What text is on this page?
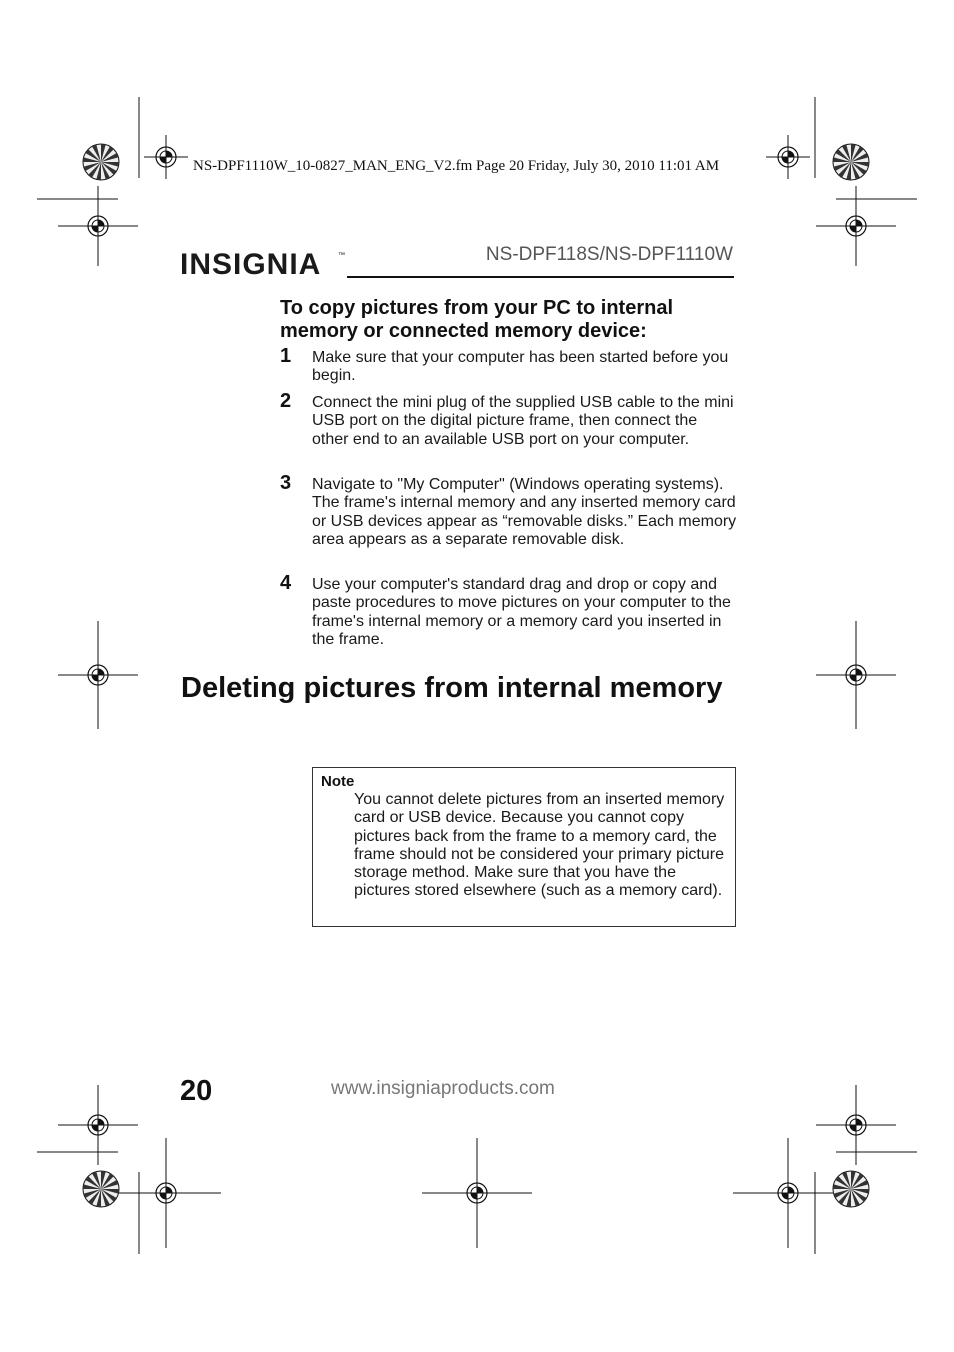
NS-DPF1110W_10-0827_MAN_ENG_V2.fm Page 20 Friday, July 30, 2010 11:01 AM
INSIGNIA ™	NS-DPF118S/NS-DPF1110W
To copy pictures from your PC to internal memory or connected memory device:
1 Make sure that your computer has been started before you begin.
2 Connect the mini plug of the supplied USB cable to the mini USB port on the digital picture frame, then connect the other end to an available USB port on your computer.
3 Navigate to "My Computer" (Windows operating systems). The frame's internal memory and any inserted memory card or USB devices appear as “removable disks.” Each memory area appears as a separate removable disk.
4 Use your computer's standard drag and drop or copy and paste procedures to move pictures on your computer to the frame's internal memory or a memory card you inserted in the frame.
Deleting pictures from internal memory
Note
You cannot delete pictures from an inserted memory card or USB device. Because you cannot copy pictures back from the frame to a memory card, the frame should not be considered your primary picture storage method. Make sure that you have the pictures stored elsewhere (such as a memory card).
20	www.insigniaproducts.com
